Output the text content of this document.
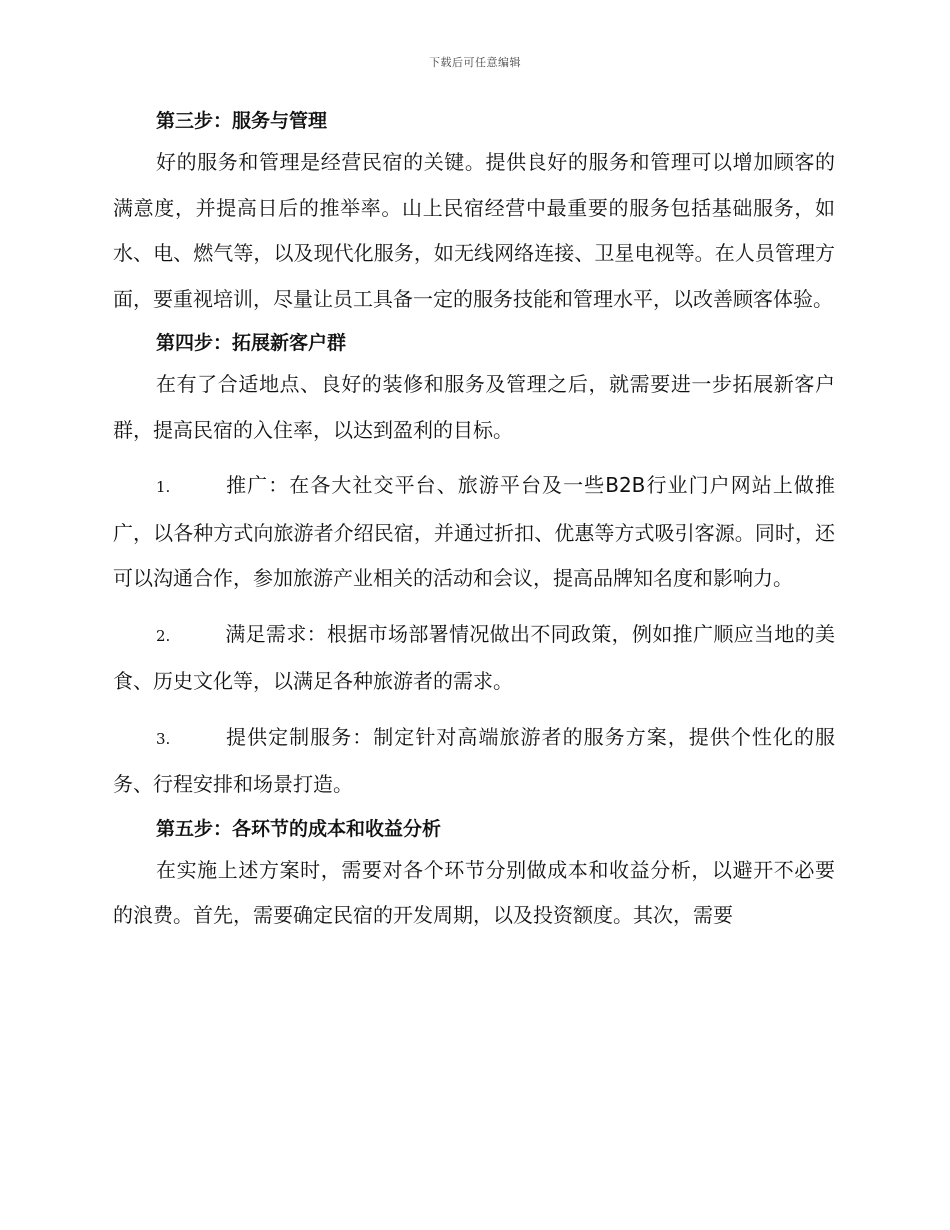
下载后可任意编辑
第三步：服务与管理

好的服务和管理是经营民宿的关键。提供良好的服务和管理可以增加顾客的满意度，并提高日后的推举率。山上民宿经营中最重要的服务包括基础服务，如水、电、燃气等，以及现代化服务，如无线网络连接、卫星电视等。在人员管理方面，要重视培训，尽量让员工具备一定的服务技能和管理水平，以改善顾客体验。

第四步：拓展新客户群

在有了合适地点、良好的装修和服务及管理之后，就需要进一步拓展新客户群，提高民宿的入住率，以达到盈利的目标。

1.	推广：在各大社交平台、旅游平台及一些B2B行业门户网站上做推广，以各种方式向旅游者介绍民宿，并通过折扣、优惠等方式吸引客源。同时，还可以沟通合作，参加旅游产业相关的活动和会议，提高品牌知名度和影响力。

2.	满足需求：根据市场部署情况做出不同政策，例如推广顺应当地的美食、历史文化等，以满足各种旅游者的需求。

3.	提供定制服务：制定针对高端旅游者的服务方案，提供个性化的服务、行程安排和场景打造。

第五步：各环节的成本和收益分析

在实施上述方案时，需要对各个环节分别做成本和收益分析，以避开不必要的浪费。首先，需要确定民宿的开发周期，以及投资额度。其次，需要
